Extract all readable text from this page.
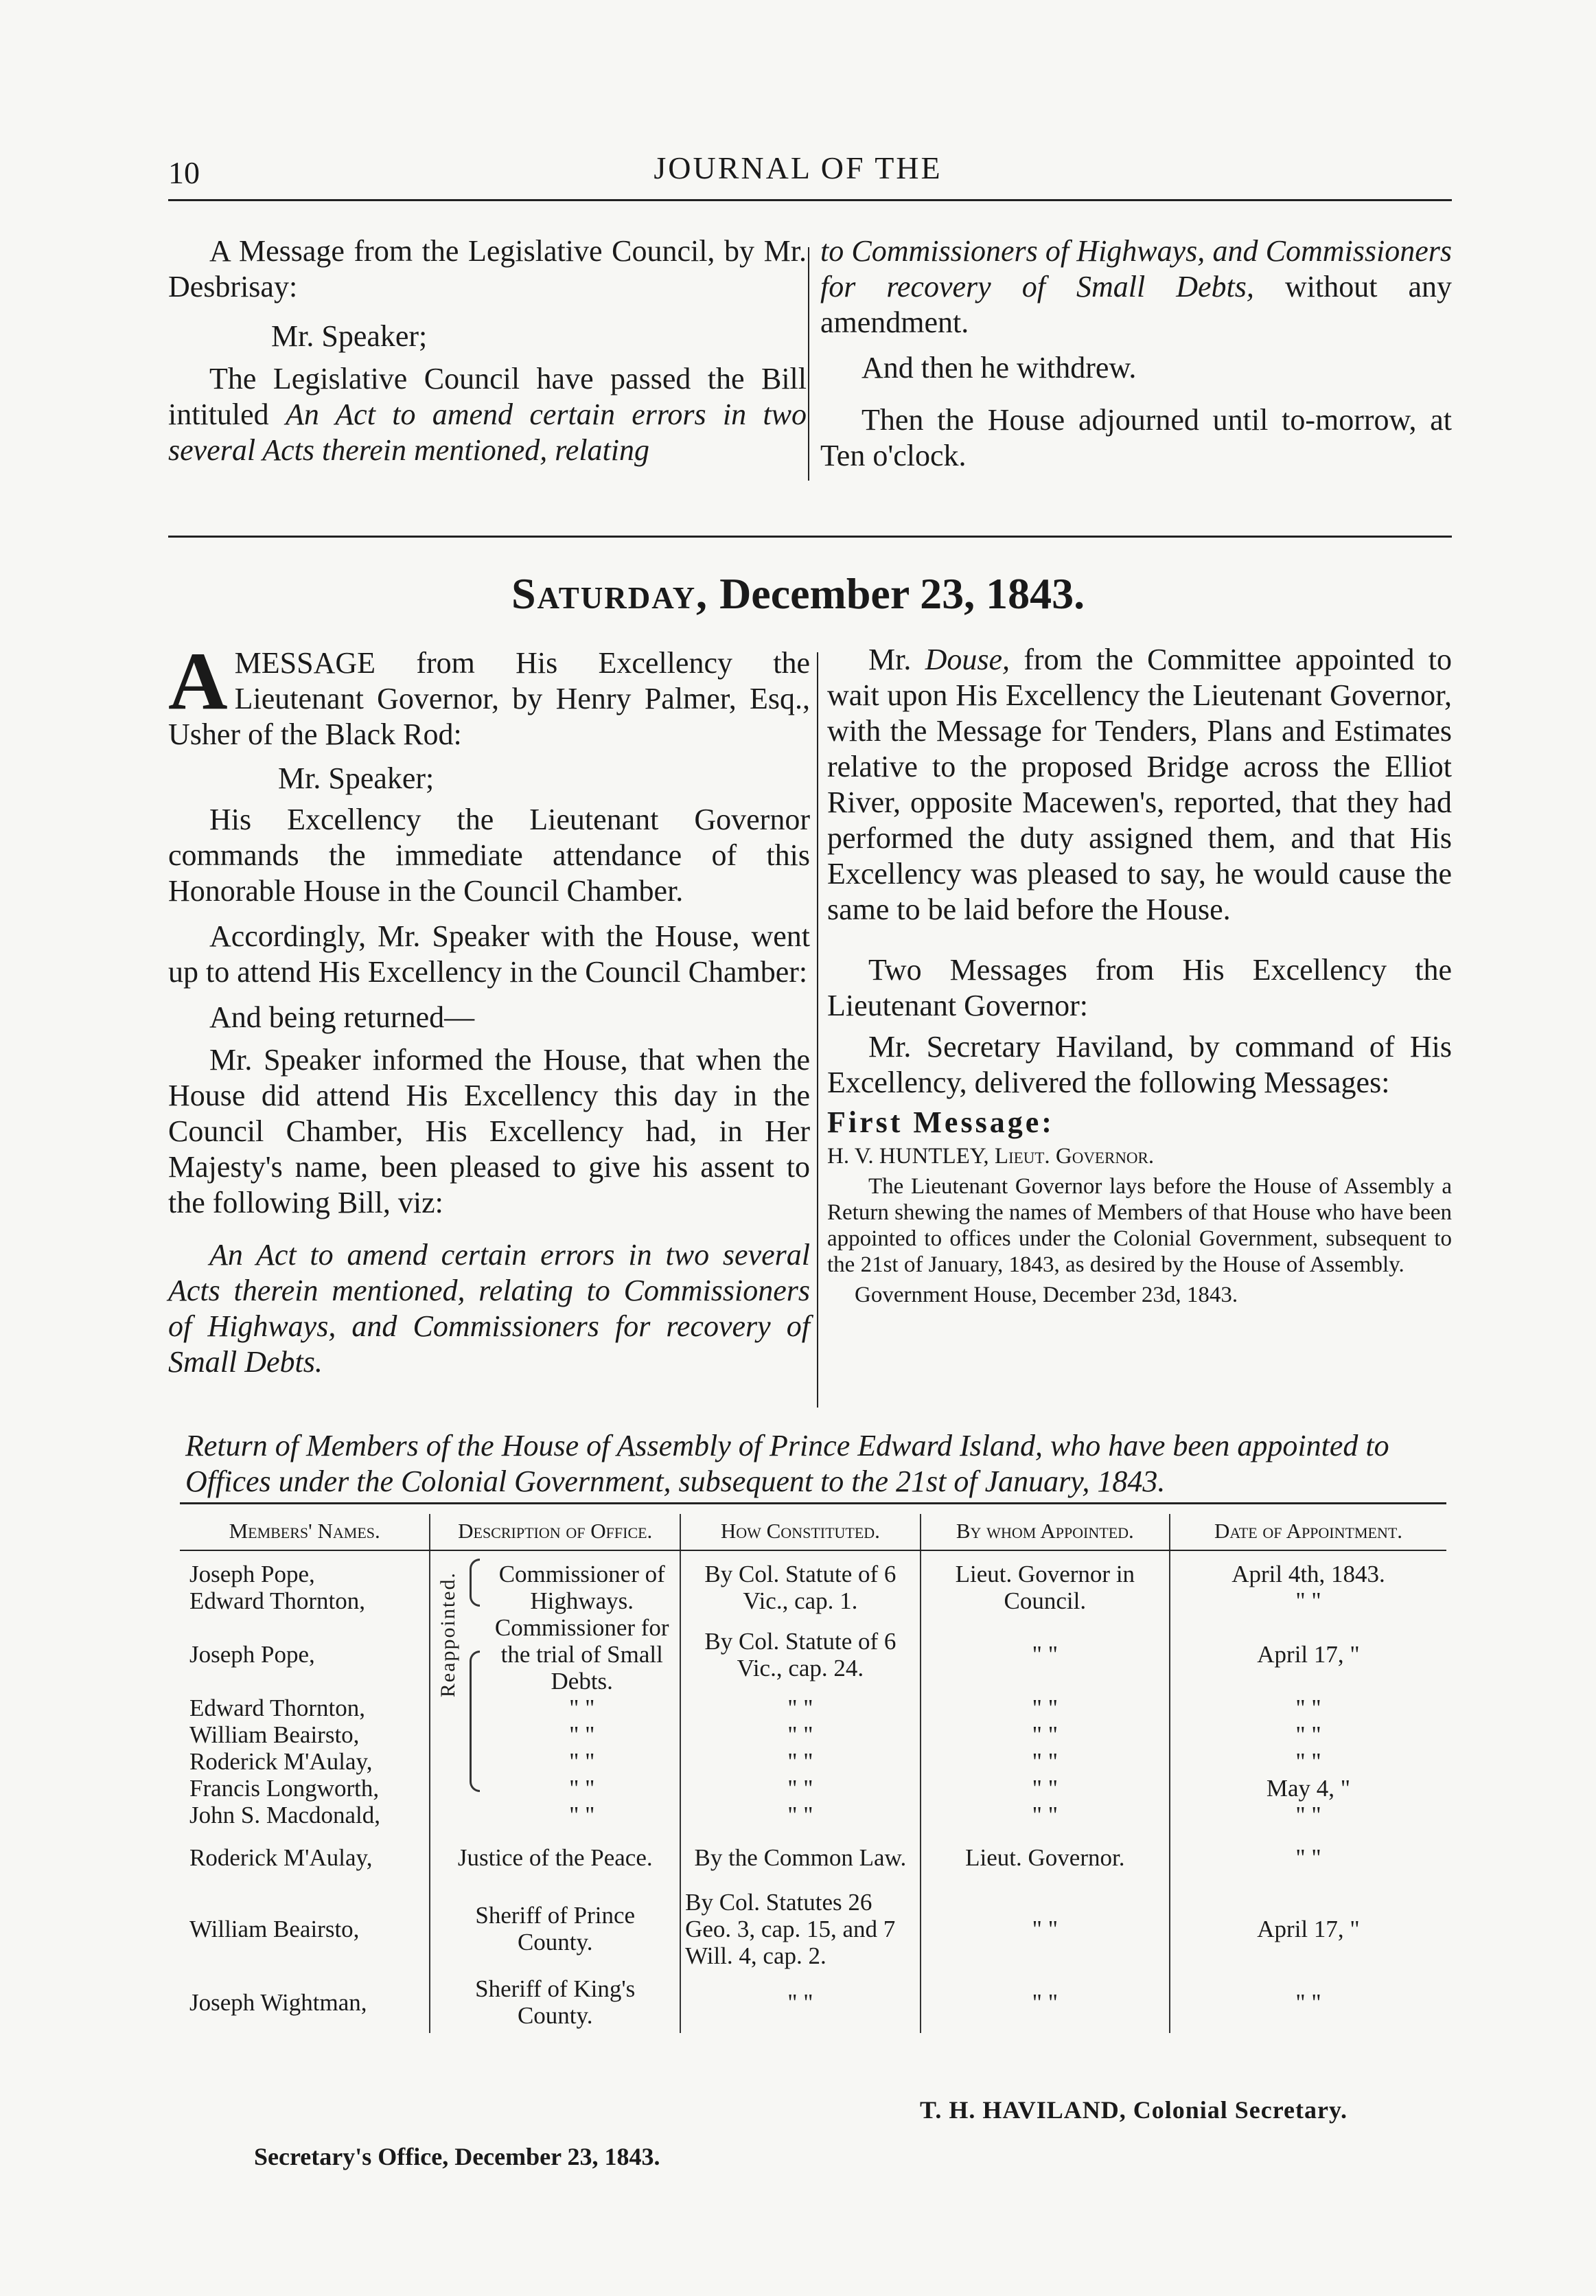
10	JOURNAL OF THE

A Message from the Legislative Council, by Mr. Desbrisay:

Mr. Speaker;

The Legislative Council have passed the Bill intituled An Act to amend certain errors in two several Acts therein mentioned, relating

to Commissioners of Highways, and Commissioners for recovery of Small Debts, without any amendment.

And then he withdrew.

Then the House adjourned until to-morrow, at Ten o'clock.

Saturday, December 23, 1843.

AMESSAGE from His Excellency the Lieutenant Governor, by Henry Palmer, Esq., Usher of the Black Rod:

Mr. Speaker;

His Excellency the Lieutenant Governor commands the immediate attendance of this Honorable House in the Council Chamber.

Accordingly, Mr. Speaker with the House, went up to attend His Excellency in the Council Chamber:

And being returned—

Mr. Speaker informed the House, that when the House did attend His Excellency this day in the Council Chamber, His Excellency had, in Her Majesty's name, been pleased to give his assent to the following Bill, viz:

An Act to amend certain errors in two several Acts therein mentioned, relating to Commissioners of Highways, and Commissioners for recovery of Small Debts.

Mr. Douse, from the Committee appointed to wait upon His Excellency the Lieutenant Governor, with the Message for Tenders, Plans and Estimates relative to the proposed Bridge across the Elliot River, opposite Macewen's, reported, that they had performed the duty assigned them, and that His Excellency was pleased to say, he would cause the same to be laid before the House.

Two Messages from His Excellency the Lieutenant Governor:

Mr. Secretary Haviland, by command of His Excellency, delivered the following Messages:

First Message:

H. V. HUNTLEY, Lieut. Governor.

The Lieutenant Governor lays before the House of Assembly a Return shewing the names of Members of that House who have been appointed to offices under the Colonial Government, subsequent to the 21st of January, 1843, as desired by the House of Assembly.

Government House, December 23d, 1843.

Return of Members of the House of Assembly of Prince Edward Island, who have been appointed to Offices under the Colonial Government, subsequent to the 21st of January, 1843.
Members' Names.	Description of Office.			How Constituted.	By whom Appointed.	Date of Appointment.
Joseph Pope,	Reappointed.		Commissioner of Highways.	By Col. Statute of 6 Vic., cap. 1.	Lieut. Governor in Council.	April 4th, 1843.
Edward Thornton,						" "
Joseph Pope,			Commissioner for the trial of Small Debts.	By Col. Statute of 6 Vic., cap. 24.	" "	April 17, "
Edward Thornton,			" "	" "	" "	" "
William Beairsto,			" "	" "	" "	" "
Roderick M'Aulay,			" "	" "	" "	" "
Francis Longworth,			" "	" "	" "	May 4, "
John S. Macdonald,			" "	" "	" "	" "
Roderick M'Aulay,	Justice of the Peace.			By the Common Law.	Lieut. Governor.	" "
William Beairsto,	Sheriff of Prince County.			By Col. Statutes 26 Geo. 3, cap. 15, and 7 Will. 4, cap. 2.	" "	April 17, "
Joseph Wightman,	Sheriff of King's County.			" "	" "	" "
T. H. HAVILAND, Colonial Secretary.
Secretary's Office, December 23, 1843.
